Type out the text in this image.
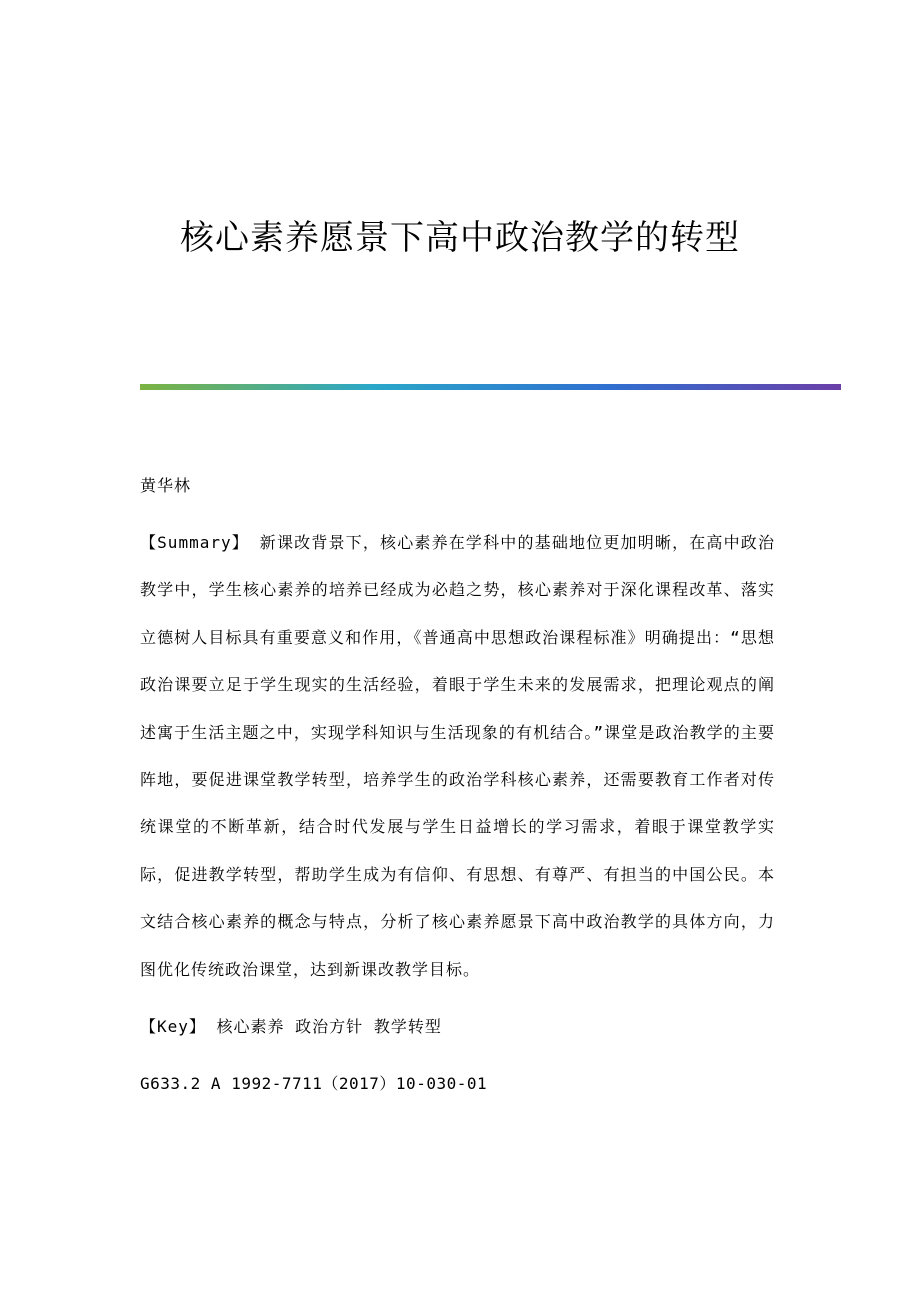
核心素养愿景下高中政治教学的转型
黄华林
【Summary】 新课改背景下，核心素养在学科中的基础地位更加明晰，在高中政治教学中，学生核心素养的培养已经成为必趋之势，核心素养对于深化课程改革、落实立德树人目标具有重要意义和作用，《普通高中思想政治课程标准》明确提出：“思想政治课要立足于学生现实的生活经验，着眼于学生未来的发展需求，把理论观点的阐述寓于生活主题之中，实现学科知识与生活现象的有机结合。”课堂是政治教学的主要阵地，要促进课堂教学转型，培养学生的政治学科核心素养，还需要教育工作者对传统课堂的不断革新，结合时代发展与学生日益增长的学习需求，着眼于课堂教学实际，促进教学转型，帮助学生成为有信仰、有思想、有尊严、有担当的中国公民。本文结合核心素养的概念与特点，分析了核心素养愿景下高中政治教学的具体方向，力图优化传统政治课堂，达到新课改教学目标。
【Key】 核心素养 政治方针 教学转型
G633.2 A 1992-7711（2017）10-030-01
